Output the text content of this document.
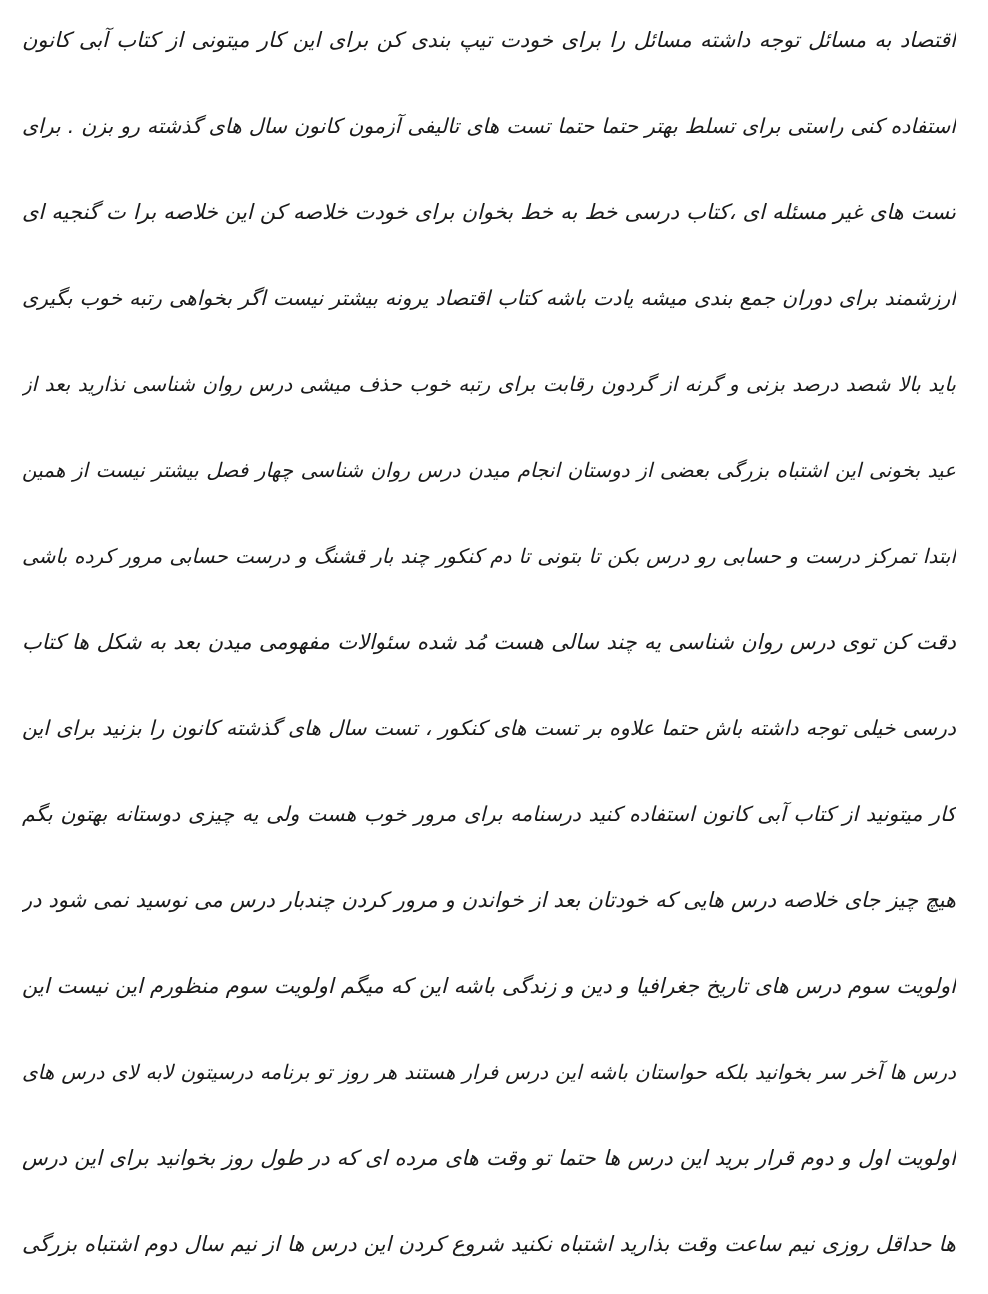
اقتصاد به مسائل توجه داشته مسائل را برای خودت تیپ بندی کن برای این کار میتونی از کتاب آبی کانون
استفاده کنی راستی برای تسلط بهتر حتما حتما تست های تالیفی آزمون کانون سال های گذشته رو بزن . برای
تست های غیر مسئله ای ،کتاب درسی خط به خط بخوان برای خودت خلاصه کن این خلاصه برا ت گنجیه ای
ارزشمند برای دوران جمع بندی میشه یادت باشه کتاب اقتصاد یرونه بیشتر نیست اگر بخواهی رتبه خوب بگیری
باید بالا شصد درصد بزنی و گرنه از گردون رقابت برای رتبه خوب حذف میشی درس روان شناسی نذارید بعد از
عید بخونی این اشتباه بزرگی بعضی از دوستان انجام میدن درس روان شناسی چهار فصل بیشتر نیست از همین
ابتدا تمرکز درست و حسابی رو درس بکن تا بتونی تا دم کنکور چند بار قشنگ و درست حسابی مرور کرده باشی
دقت کن توی درس روان شناسی یه چند سالی هست مُد شده سئوالات مفهومی میدن بعد به شکل ها کتاب
درسی خیلی توجه داشته باش حتما علاوه بر تست های کنکور ، تست سال های گذشته کانون را بزنید برای این
کار میتونید از کتاب آبی کانون استفاده کنید درسنامه برای مرور خوب هست ولی یه چیزی دوستانه بهتون بگم
هیچ چیز جای خلاصه درس هایی که خودتان بعد از خواندن و مرور کردن چندبار درس می نوسید نمی شود در
اولویت سوم درس های تاریخ جغرافیا و دین و زندگی باشه این که میگم اولویت سوم منظورم این نیست این
درس ها آخر سر بخوانید بلکه حواستان باشه این درس فرار هستند هر روز تو برنامه درسیتون لابه لای درس های
اولویت اول و دوم قرار برید این درس ها حتما تو وقت های مرده ای که در طول روز بخوانید برای این درس
ها حداقل روزی نیم ساعت وقت بذارید اشتباه نکنید شروع کردن این درس ها از نیم سال دوم اشتباه بزرگی
